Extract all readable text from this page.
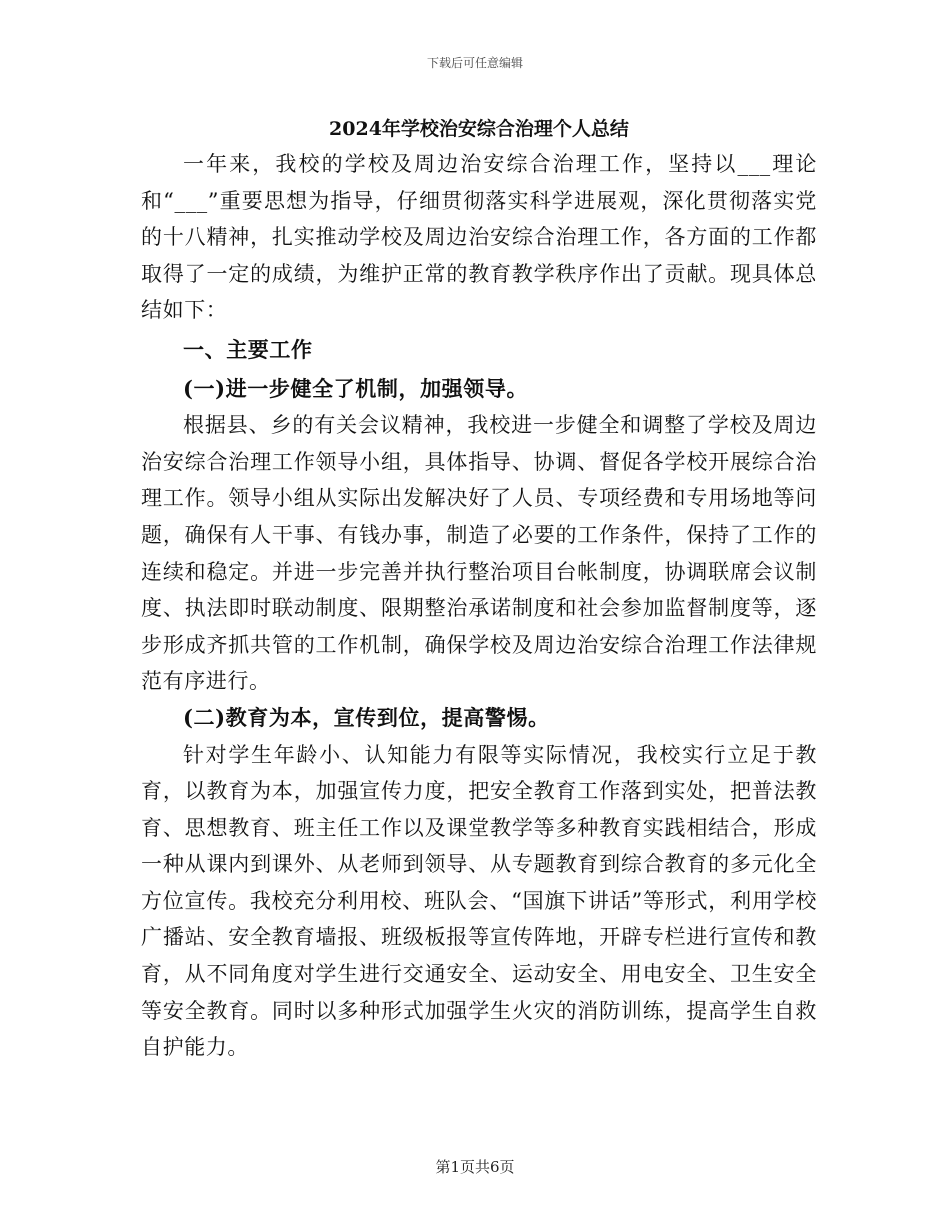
下载后可任意编辑
2024年学校治安综合治理个人总结

一年来，我校的学校及周边治安综合治理工作，坚持以___理论和“___”重要思想为指导，仔细贯彻落实科学进展观，深化贯彻落实党的十八精神，扎实推动学校及周边治安综合治理工作，各方面的工作都取得了一定的成绩，为维护正常的教育教学秩序作出了贡献。现具体总结如下：

一、主要工作

(一)进一步健全了机制，加强领导。

根据县、乡的有关会议精神，我校进一步健全和调整了学校及周边治安综合治理工作领导小组，具体指导、协调、督促各学校开展综合治理工作。领导小组从实际出发解决好了人员、专项经费和专用场地等问题，确保有人干事、有钱办事，制造了必要的工作条件，保持了工作的连续和稳定。并进一步完善并执行整治项目台帐制度，协调联席会议制度、执法即时联动制度、限期整治承诺制度和社会参加监督制度等，逐步形成齐抓共管的工作机制，确保学校及周边治安综合治理工作法律规范有序进行。

(二)教育为本，宣传到位，提高警惕。

针对学生年龄小、认知能力有限等实际情况，我校实行立足于教育，以教育为本，加强宣传力度，把安全教育工作落到实处，把普法教育、思想教育、班主任工作以及课堂教学等多种教育实践相结合，形成一种从课内到课外、从老师到领导、从专题教育到综合教育的多元化全方位宣传。我校充分利用校、班队会、“国旗下讲话”等形式，利用学校广播站、安全教育墙报、班级板报等宣传阵地，开辟专栏进行宣传和教育，从不同角度对学生进行交通安全、运动安全、用电安全、卫生安全等安全教育。同时以多种形式加强学生火灾的消防训练，提高学生自救自护能力。

第1页共6页
